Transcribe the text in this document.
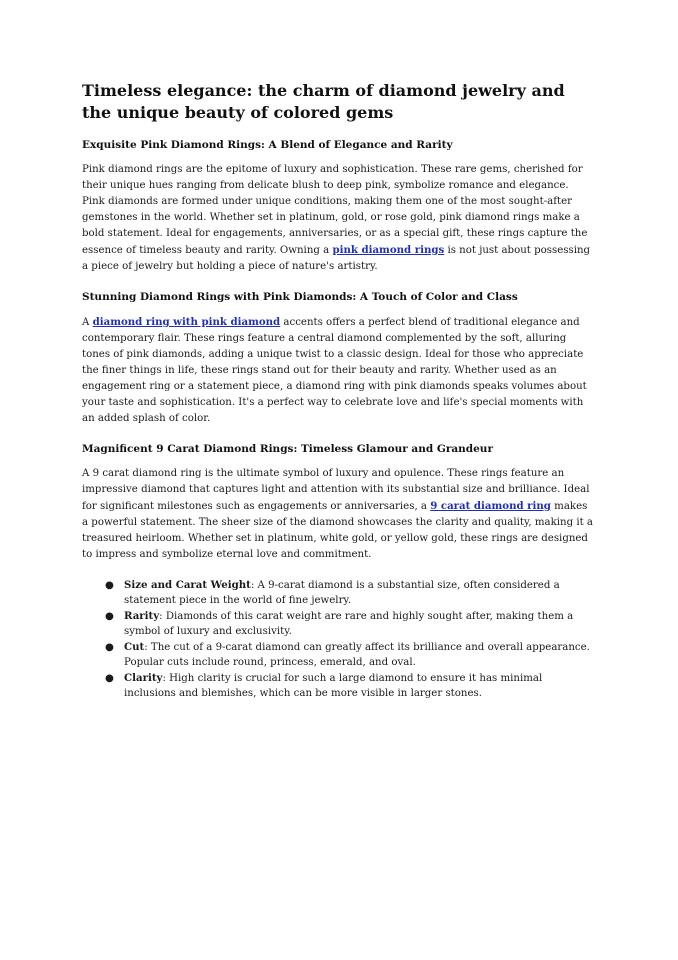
Timeless elegance: the charm of diamond jewelry and
the unique beauty of colored gems
Exquisite Pink Diamond Rings: A Blend of Elegance and Rarity

Pink diamond rings are the epitome of luxury and sophistication. These rare gems, cherished for their unique hues ranging from delicate blush to deep pink, symbolize romance and elegance. Pink diamonds are formed under unique conditions, making them one of the most sought-after gemstones in the world. Whether set in platinum, gold, or rose gold, pink diamond rings make a bold statement. Ideal for engagements, anniversaries, or as a special gift, these rings capture the essence of timeless beauty and rarity. Owning a pink diamond rings is not just about possessing a piece of jewelry but holding a piece of nature's artistry.

Stunning Diamond Rings with Pink Diamonds: A Touch of Color and Class

A diamond ring with pink diamond accents offers a perfect blend of traditional elegance and contemporary flair. These rings feature a central diamond complemented by the soft, alluring tones of pink diamonds, adding a unique twist to a classic design. Ideal for those who appreciate the finer things in life, these rings stand out for their beauty and rarity. Whether used as an engagement ring or a statement piece, a diamond ring with pink diamonds speaks volumes about your taste and sophistication. It's a perfect way to celebrate love and life's special moments with an added splash of color.

Magnificent 9 Carat Diamond Rings: Timeless Glamour and Grandeur

A 9 carat diamond ring is the ultimate symbol of luxury and opulence. These rings feature an impressive diamond that captures light and attention with its substantial size and brilliance. Ideal for significant milestones such as engagements or anniversaries, a 9 carat diamond ring makes a powerful statement. The sheer size of the diamond showcases the clarity and quality, making it a treasured heirloom. Whether set in platinum, white gold, or yellow gold, these rings are designed to impress and symbolize eternal love and commitment.

● Size and Carat Weight: A 9-carat diamond is a substantial size, often considered a statement piece in the world of fine jewelry.
● Rarity: Diamonds of this carat weight are rare and highly sought after, making them a symbol of luxury and exclusivity.
● Cut: The cut of a 9-carat diamond can greatly affect its brilliance and overall appearance. Popular cuts include round, princess, emerald, and oval.
● Clarity: High clarity is crucial for such a large diamond to ensure it has minimal inclusions and blemishes, which can be more visible in larger stones.
